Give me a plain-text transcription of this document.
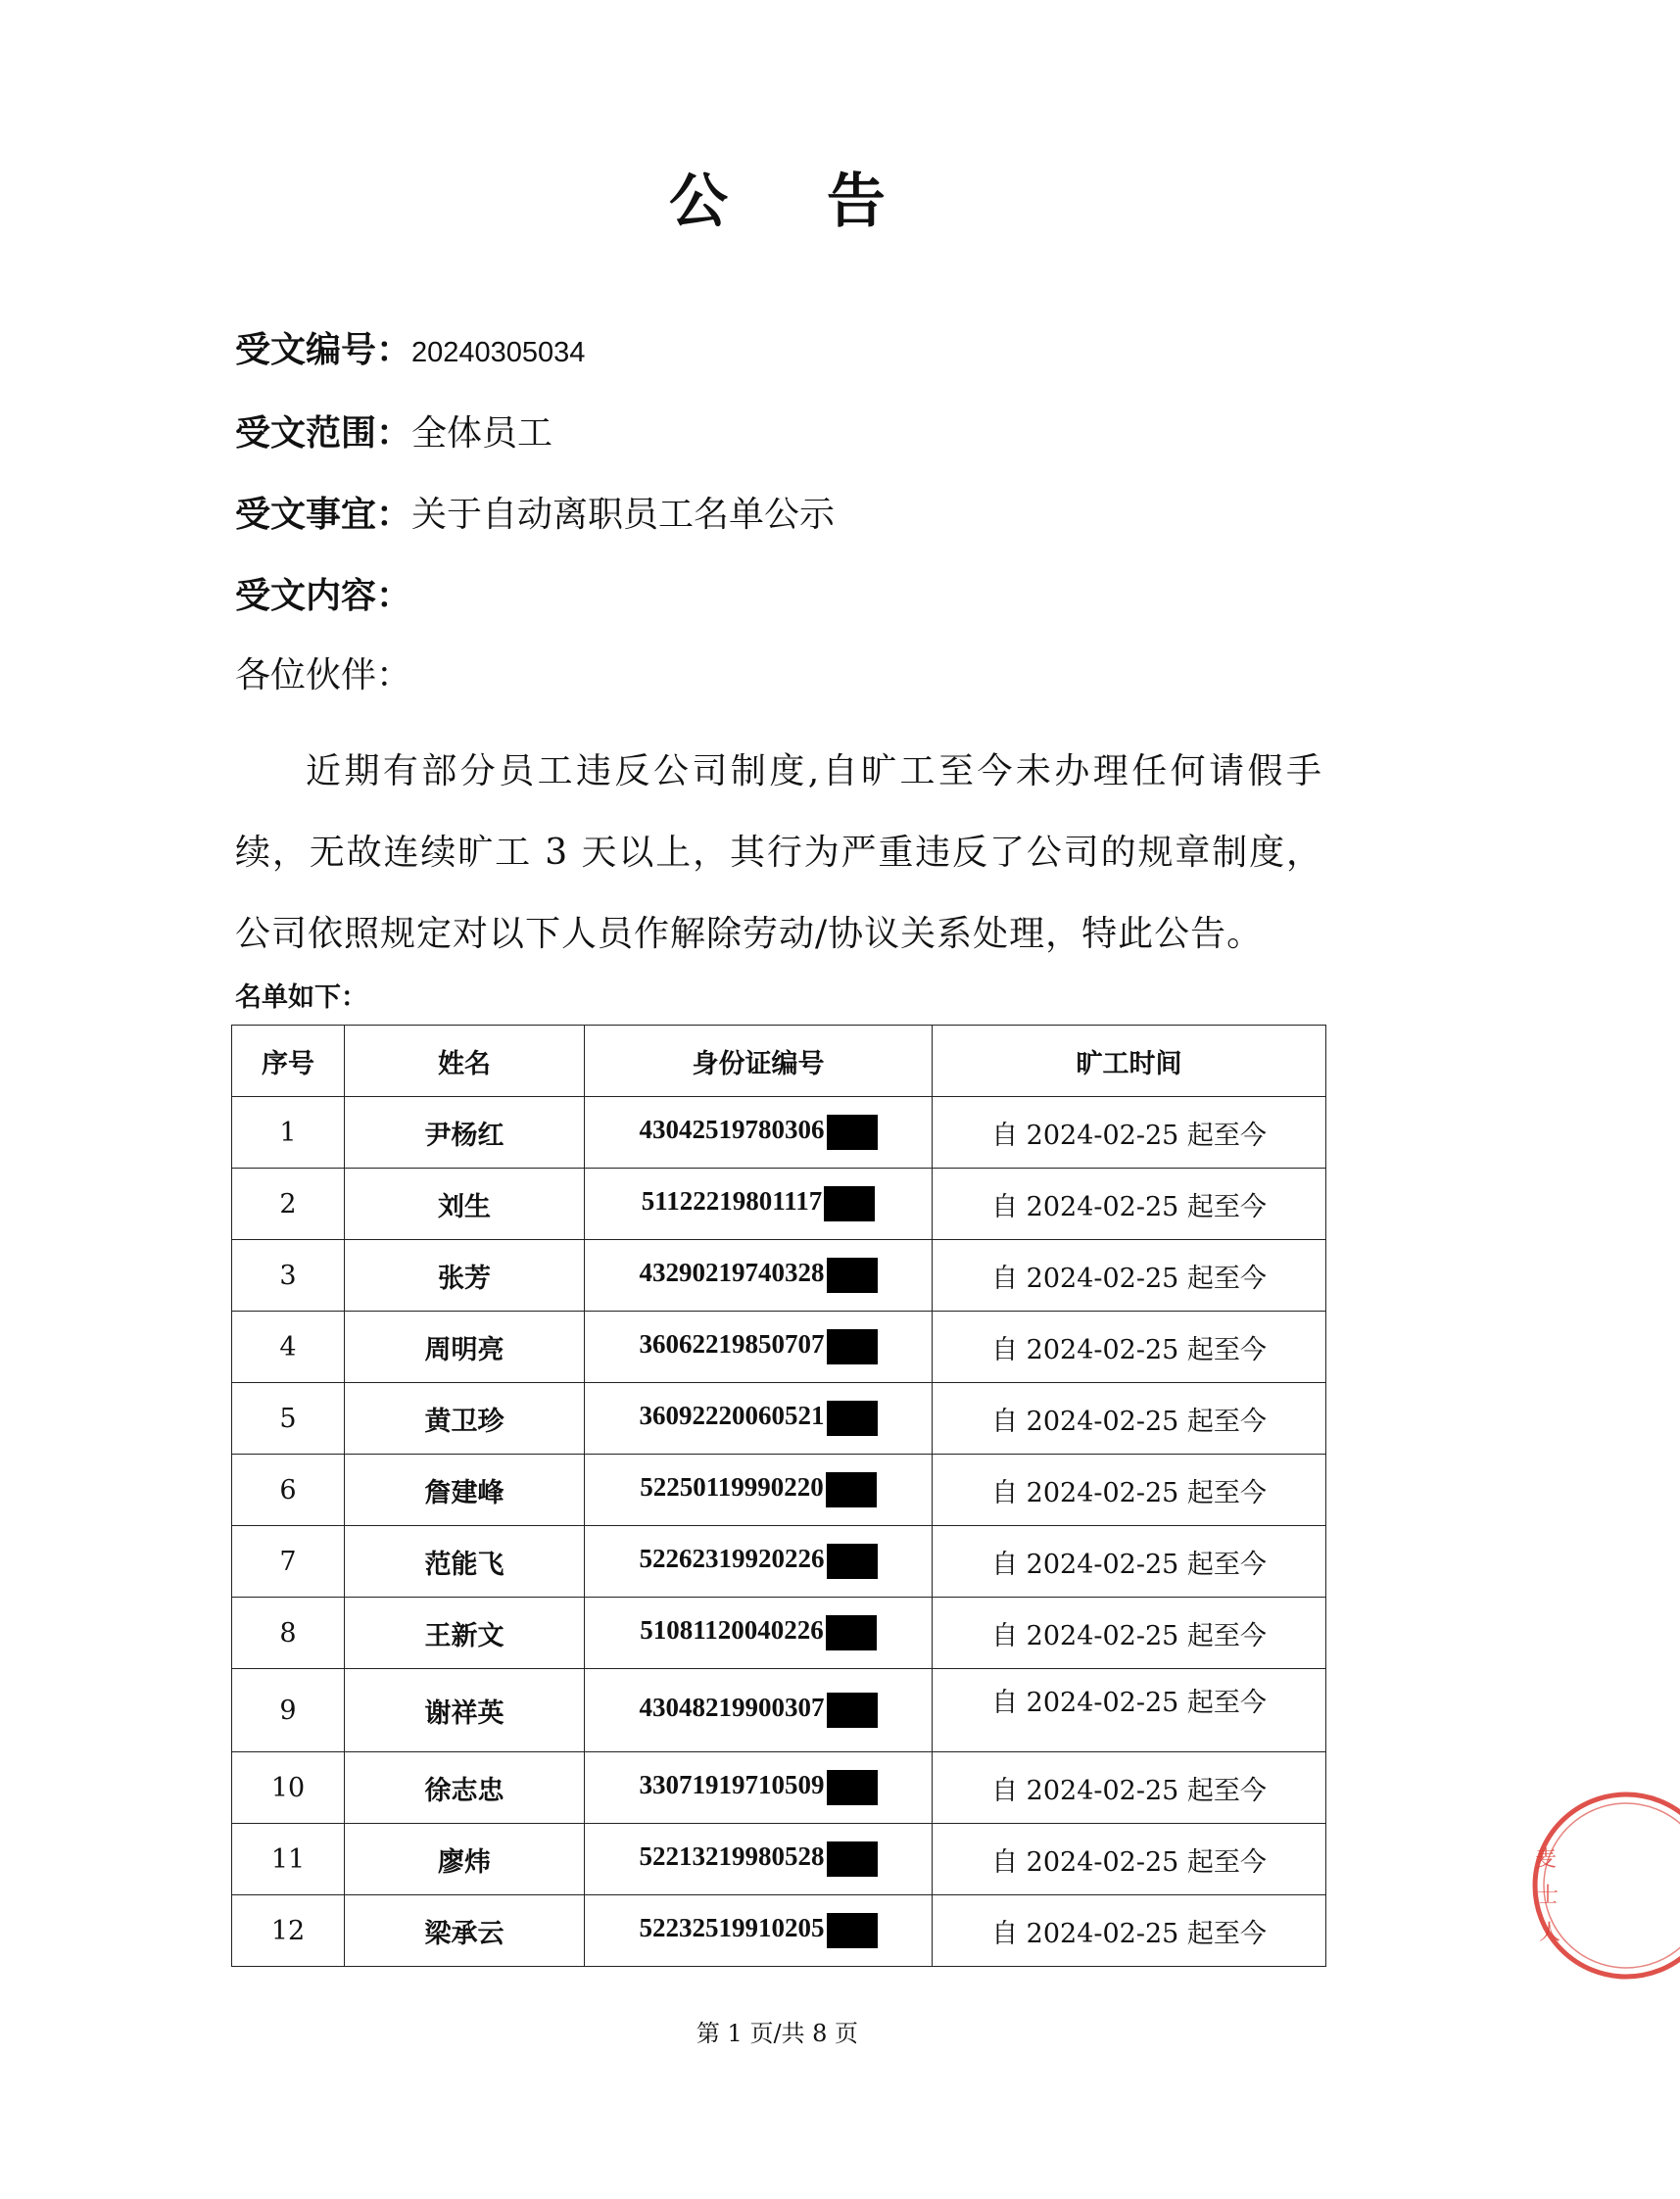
公 告
受文编号：20240305034
受文范围：全体员工
受文事宜：关于自动离职员工名单公示
受文内容：
各位伙伴：
近期有部分员工违反公司制度,自旷工至今未办理任何请假手续，无故连续旷工 3 天以上，其行为严重违反了公司的规章制度，公司依照规定对以下人员作解除劳动/协议关系处理，特此公告。
名单如下：
序号	姓名	身份证编号	旷工时间
1	尹杨红	43042519780306	自 2024-02-25 起至今
2	刘生	51122219801117	自 2024-02-25 起至今
3	张芳	43290219740328	自 2024-02-25 起至今
4	周明亮	36062219850707	自 2024-02-25 起至今
5	黄卫珍	36092220060521	自 2024-02-25 起至今
6	詹建峰	52250119990220	自 2024-02-25 起至今
7	范能飞	52262319920226	自 2024-02-25 起至今
8	王新文	51081120040226	自 2024-02-25 起至今
9	谢祥英	43048219900307	自 2024-02-25 起至今
10	徐志忠	33071919710509	自 2024-02-25 起至今
11	廖炜	52213219980528	自 2024-02-25 起至今
12	梁承云	52232519910205	自 2024-02-25 起至今
第 1 页/共 8 页
麦
士
人
